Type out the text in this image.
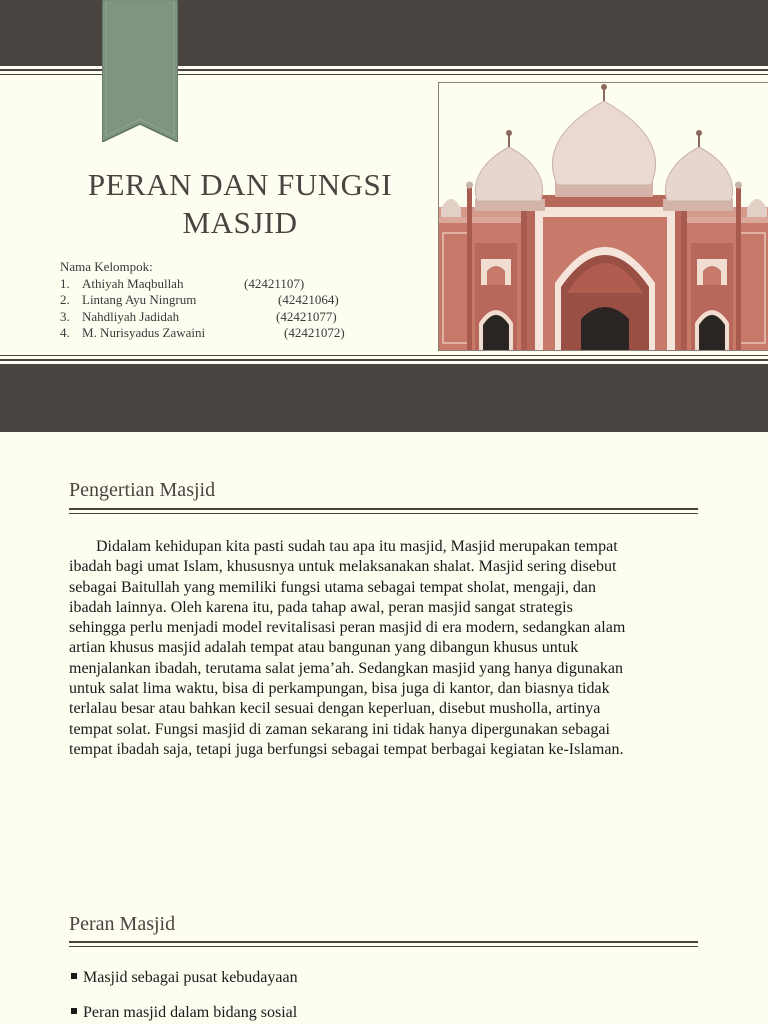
PERAN DAN FUNGSI
MASJID
Nama Kelompok:
1. Athiyah Maqbullah	(42421107)
2. Lintang Ayu Ningrum	(42421064)
3. Nahdliyah Jadidah	(42421077)
4. M. Nurisyadus Zawaini	(42421072)
Pengertian Masjid

Didalam kehidupan kita pasti sudah tau apa itu masjid, Masjid merupakan tempat ibadah bagi umat Islam, khususnya untuk melaksanakan shalat. Masjid sering disebut sebagai Baitullah yang memiliki fungsi utama sebagai tempat sholat, mengaji, dan ibadah lainnya. Oleh karena itu, pada tahap awal, peran masjid sangat strategis sehingga perlu menjadi model revitalisasi peran masjid di era modern, sedangkan alam artian khusus masjid adalah tempat atau bangunan yang dibangun khusus untuk menjalankan ibadah, terutama salat jema’ah. Sedangkan masjid yang hanya digunakan untuk salat lima waktu, bisa di perkampungan, bisa juga di kantor, dan biasnya tidak terlalau besar atau bahkan kecil sesuai dengan keperluan, disebut musholla, artinya tempat solat. Fungsi masjid di zaman sekarang ini tidak hanya dipergunakan sebagai tempat ibadah saja, tetapi juga berfungsi sebagai tempat berbagai kegiatan ke-Islaman.

Peran Masjid
Masjid sebagai pusat kebudayaan
Peran masjid dalam bidang sosial
